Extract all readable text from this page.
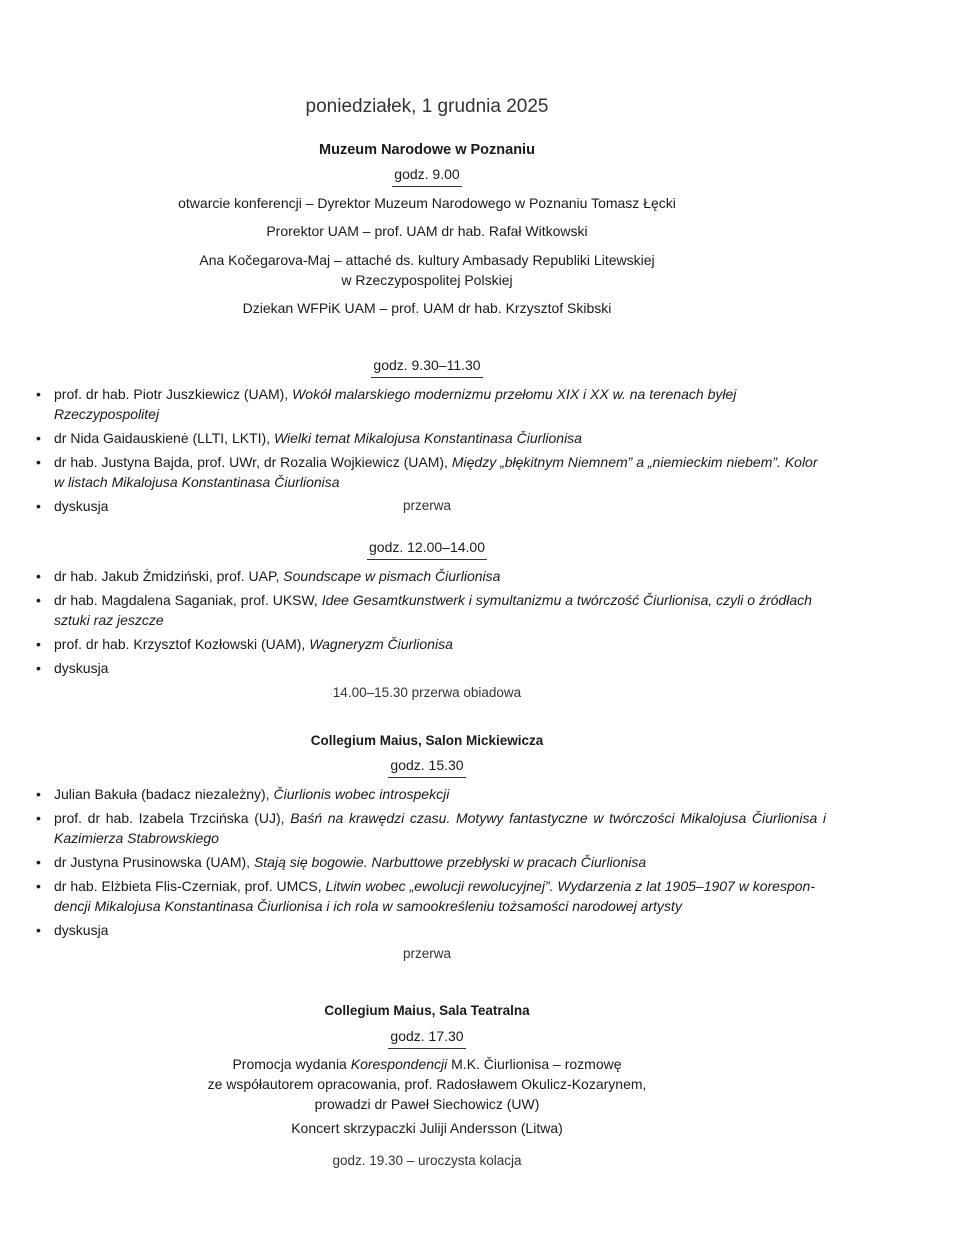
poniedziałek, 1 grudnia 2025
Muzeum Narodowe w Poznaniu
godz. 9.00
otwarcie konferencji – Dyrektor Muzeum Narodowego w Poznaniu Tomasz Łęcki
Prorektor UAM – prof. UAM dr hab. Rafał Witkowski
Ana Kočegarova-Maj – attaché ds. kultury Ambasady Republiki Litewskiej
w Rzeczypospolitej Polskiej
Dziekan WFPiK UAM – prof. UAM dr hab. Krzysztof Skibski
godz. 9.30–11.30
• prof. dr hab. Piotr Juszkiewicz (UAM), Wokół malarskiego modernizmu przełomu XIX i XX w. na terenach byłej Rzeczypospolitej
• dr Nida Gaidauskienė (LLTI, LKTI), Wielki temat Mikalojusa Konstantinasa Čiurlionisa
• dr hab. Justyna Bajda, prof. UWr, dr Rozalia Wojkiewicz (UAM), Między „błękitnym Niemnem” a „niemieckim niebem”. Kolor w listach Mikalojusa Konstantinasa Čiurlionisa
• dyskusja	przerwa
godz. 12.00–14.00
• dr hab. Jakub Żmidziński, prof. UAP, Soundscape w pismach Čiurlionisa
• dr hab. Magdalena Saganiak, prof. UKSW, Idee Gesamtkunstwerk i symultanizmu a twórczość Čiurlionisa, czyli o źródłach sztuki raz jeszcze
• prof. dr hab. Krzysztof Kozłowski (UAM), Wagneryzm Čiurlionisa
• dyskusja
14.00–15.30 przerwa obiadowa
Collegium Maius, Salon Mickiewicza
godz. 15.30
• Julian Bakuła (badacz niezależny), Čiurlionis wobec introspekcji
• prof. dr hab. Izabela Trzcińska (UJ), Baśń na krawędzi czasu. Motywy fantastyczne w twórczości Mikalojusa Čiurlionisa i Kazimierza Stabrowskiego
• dr Justyna Prusinowska (UAM), Stają się bogowie. Narbuttowe przebłyski w pracach Čiurlionisa
• dr hab. Elżbieta Flis-Czerniak, prof. UMCS, Litwin wobec „ewolucji rewolucyjnej”. Wydarzenia z lat 1905–1907 w korespon-dencji Mikalojusa Konstantinasa Čiurlionisa i ich rola w samookreśleniu tożsamości narodowej artysty
• dyskusja
przerwa
Collegium Maius, Sala Teatralna
godz. 17.30
Promocja wydania Korespondencji M.K. Čiurlionisa – rozmowę
ze współautorem opracowania, prof. Radosławem Okulicz-Kozarynem,
prowadzi dr Paweł Siechowicz (UW)
Koncert skrzypaczki Juliji Andersson (Litwa)
godz. 19.30 – uroczysta kolacja
